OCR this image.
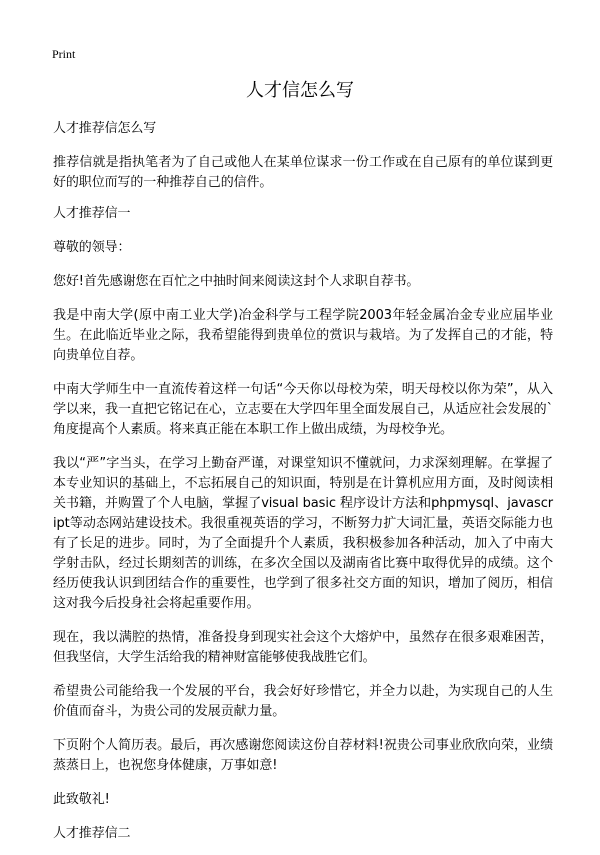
Print
人才信怎么写

人才推荐信怎么写

推荐信就是指执笔者为了自己或他人在某单位谋求一份工作或在自己原有的单位谋到更好的职位而写的一种推荐自己的信件。

人才推荐信一

尊敬的领导：

您好!首先感谢您在百忙之中抽时间来阅读这封个人求职自荐书。

我是中南大学(原中南工业大学)冶金科学与工程学院2003年轻金属冶金专业应届毕业生。在此临近毕业之际，我希望能得到贵单位的赏识与栽培。为了发挥自己的才能，特向贵单位自荐。

中南大学师生中一直流传着这样一句话“今天你以母校为荣，明天母校以你为荣”，从入学以来，我一直把它铭记在心，立志要在大学四年里全面发展自己，从适应社会发展的`角度提高个人素质。将来真正能在本职工作上做出成绩，为母校争光。

我以“严”字当头，在学习上勤奋严谨，对课堂知识不懂就问，力求深刻理解。在掌握了本专业知识的基础上，不忘拓展自己的知识面，特别是在计算机应用方面，及时阅读相关书籍，并购置了个人电脑，掌握了visual basic 程序设计方法和phpmysql、javascript等动态网站建设技术。我很重视英语的学习，不断努力扩大词汇量，英语交际能力也有了长足的进步。同时，为了全面提升个人素质，我积极参加各种活动，加入了中南大学射击队，经过长期刻苦的训练，在多次全国以及湖南省比赛中取得优异的成绩。这个经历使我认识到团结合作的重要性，也学到了很多社交方面的知识，增加了阅历，相信这对我今后投身社会将起重要作用。

现在，我以满腔的热情，准备投身到现实社会这个大熔炉中，虽然存在很多艰难困苦，但我坚信，大学生活给我的精神财富能够使我战胜它们。

希望贵公司能给我一个发展的平台，我会好好珍惜它，并全力以赴，为实现自己的人生价值而奋斗，为贵公司的发展贡献力量。

下页附个人简历表。最后，再次感谢您阅读这份自荐材料!祝贵公司事业欣欣向荣，业绩蒸蒸日上，也祝您身体健康，万事如意!

此致敬礼!

人才推荐信二
